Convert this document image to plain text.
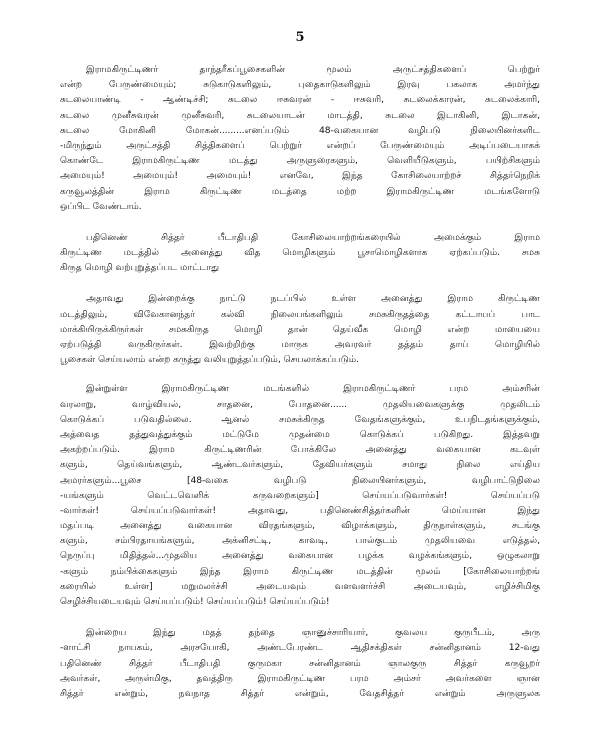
5
இராமகிருட்டிணர் தாந்தரீகப்பூசைகளின் மூலம் அருட்சத்திகளைப் பெற்றுர்
என்ற பேருண்மையும்; சுடுகாடுகளிலும், புதைகாடுகளிலும் இரவு பகலாக அமர்ந்து
சுடலையாண்டி - ஆண்டிச்சி; சுடலை ஈசுவரன் - ஈசுவரி, சுடலைக்காரன், சுடலைக்காரி,
சுடலை முனீசுவரன் முனீசுவரி, சுடலையாடன் மாடத்தி, சுடலை இடாகினி, இடாகன்,
சுடலை மோகினி மோகன்.........எனப்படும் 48-வகையான வழிபடு நிலையினர்களிட
-மிருந்தும் அருட்சத்தி சித்திகளைப் பெற்றுர் என்றப் பேருண்மையும் அடிப்படையாகக்
கொண்டே இராமகிருட்டிண மடத்து அருளுரைகளும், வெளியீடுகளும், பயிற்சிகளும்
அமையும்! அமையும்! அமையும்! எனவே, இந்த கோசிலையாற்றச் சித்தர்நெறிக்
கருவூலத்தின் இராம கிருட்டிண மடத்தை மற்ற இராமகிருட்டிண மடங்களோடு
ஒப்பிட வேண்டாம்.
பதினெண் சித்தர் பீடாதிபதி கோசிலையாற்றங்கரையில் அமைக்கும் இராம
கிருட்டிண மடத்தில் அனைத்து வித மொழிகளும் பூசாமொழிகளாக ஏற்கப்படும். சமசு
கிருத மொழி வற்புறுத்தப்பட மாட்டாது
அதாவது இன்றைக்கு நாட்டு நடப்பில் உள்ள அனைத்து இராம கிருட்டிண
மடத்திலும், விவேகானந்தர் கல்வி நிலையங்களிலும் சமசுகிருதத்தை கட்டாயப் பாட
மாக்கியிருக்கிருர்கள் சமசுகிருத மொழி தான் தெய்வீக மொழி என்ற மாயையை
ஏற்படுத்தி வருகிருர்கள். இவற்றிற்கு மாருக அவரவர் தத்தம் தாய் மொழியில்
பூசைகள் செய்யலாம் என்ற கருத்து வலியுறுத்தப்படும், செயலாக்கப்படும்.
இன்றுள்ள இராமகிருட்டிண மடங்களில் இராமகிருட்டிணர் பரம அம்சரின்
வரலாறு, வாழ்வியல், சாதனை, போதனை...... முதலியவைகளுக்கு முதலிடம்
கொடுக்கப் படுவதில்லை. ஆனல் சமசுக்கிருத வேதங்களுக்கும், உபநிடதங்களுக்கும்,
அத்வைத தத்துவத்துக்கும் மட்டுமே முதன்மை கொடுக்கப் படுகிறது. இத்தவறு
அகற்றப்படும். இராம கிருட்டிணரின் போக்கிலே அனைத்து வகையான கடவுள்
களும், தெய்வங்களும், ஆண்டவர்களும், தேவியர்களும் சமாது நிலை எய்திய
அமரர்களும்...பூசை [48-வகை வழிபடு நிலையினர்களும், வழிபாட்டுநிலை
-யங்களும் வெட்டவெளிக் கருவறைகளும்] செய்யப்படுவார்கள்! செய்யப்படு
-வார்கள்! செய்யப்படுவார்கள்! அதாவது, பதினெண்சித்தர்களின் மெய்யான இந்து
மதப்படி அனைத்து வகையான விரதங்களும், விழாக்களும், திருநாள்களும், சடங்கு
களும், சம்பிரதாயங்களும், அக்னிசட்டி, காவடி, பால்குடம் முதலியவை எடுத்தல்,
நெருப்பு மிதித்தல்...முதலிய அனைத்து வகையான பழக்க வழக்கங்களும், ஒழுகலாறு
-களும் நம்பிக்கைகளும் இந்த இராம கிருட்டிண மடத்தின் மூலம் [கோசிலையாற்றங்
கரையில் உள்ள] மறுமலர்ச்சி அடையவும் வளவளர்ச்சி அடையவும், எழிச்சிமிகு
செழிச்சியடையவும் செய்யப்படும்! செய்யப்படும்! செய்யப்படும்!
இன்றைய இந்து மதத் தந்தை ஞானுச்சாரியார், குவலய குருபீடம், அரு
-ளாட்சி நாயகம், அரசயோகி, அண்டபேரண்ட ஆதிசக்திகள் சன்னிதானம் 12-வது
பதினெண் சித்தர் பீடாதிபதி குருமகா சன்னிதானம் ஞாலகுரு சித்தர் கருவூறர்
அவர்கள், அருள்மிகு, தவத்திரு இராமகிருட்டிண பரம அம்சர் அவர்களை ஞான
சித்தர் என்றும், நவநாத சித்தர் என்றும், வேதசித்தர் என்றும் அருளுலக
